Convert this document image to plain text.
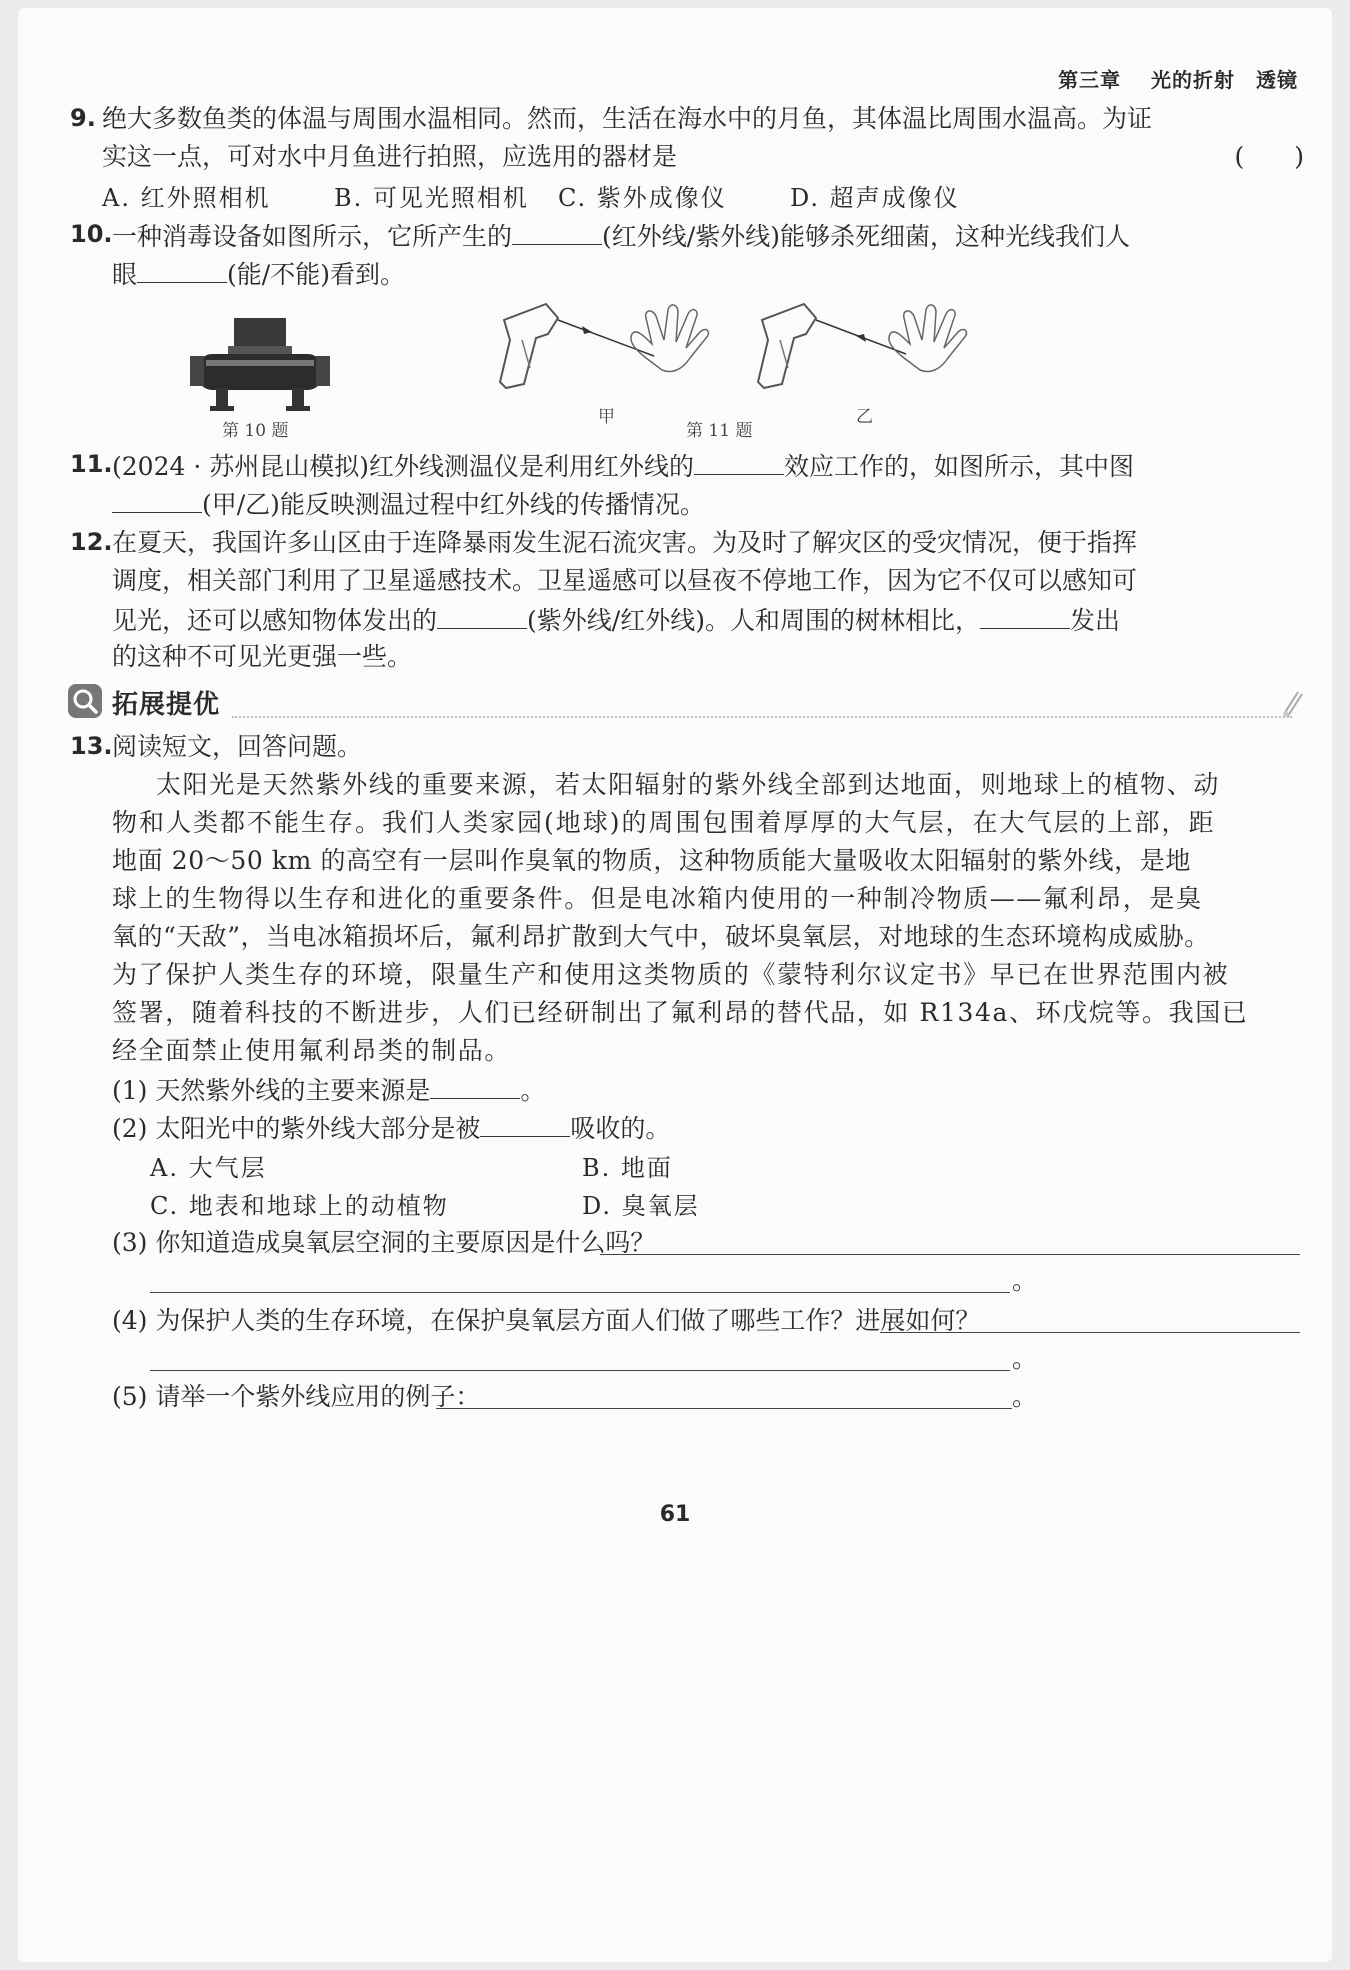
第三章 光的折射　透镜
9. 绝大多数鱼类的体温与周围水温相同。然而，生活在海水中的月鱼，其体温比周围水温高。为证
实这一点，可对水中月鱼进行拍照，应选用的器材是	(　　)
A. 红外照相机	B. 可见光照相机 C. 紫外成像仪	D. 超声成像仪
10. 一种消毒设备如图所示，它所产生的	(红外线/紫外线)能够杀死细菌，这种光线我们人
眼	(能/不能)看到。
第 10 题
甲	乙
第 11 题
11. (2024 · 苏州昆山模拟)红外线测温仪是利用红外线的	效应工作的，如图所示，其中图
(甲/乙)能反映测温过程中红外线的传播情况。
12. 在夏天，我国许多山区由于连降暴雨发生泥石流灾害。为及时了解灾区的受灾情况，便于指挥
调度，相关部门利用了卫星遥感技术。卫星遥感可以昼夜不停地工作，因为它不仅可以感知可
见光，还可以感知物体发出的	(紫外线/红外线)。人和周围的树林相比，	发出
的这种不可见光更强一些。
拓展提优
13. 阅读短文，回答问题。
太阳光是天然紫外线的重要来源，若太阳辐射的紫外线全部到达地面，则地球上的植物、动
物和人类都不能生存。我们人类家园(地球)的周围包围着厚厚的大气层，在大气层的上部，距
地面 20～50 km 的高空有一层叫作臭氧的物质，这种物质能大量吸收太阳辐射的紫外线，是地
球上的生物得以生存和进化的重要条件。但是电冰箱内使用的一种制冷物质——氟利昂，是臭
氧的“天敌”，当电冰箱损坏后，氟利昂扩散到大气中，破坏臭氧层，对地球的生态环境构成威胁。
为了保护人类生存的环境，限量生产和使用这类物质的《蒙特利尔议定书》早已在世界范围内被
签署，随着科技的不断进步，人们已经研制出了氟利昂的替代品，如 R134a、环戊烷等。我国已
经全面禁止使用氟利昂类的制品。
(1) 天然紫外线的主要来源是	。
(2) 太阳光中的紫外线大部分是被	吸收的。
A. 大气层	B. 地面
C. 地表和地球上的动植物	D. 臭氧层
(3) 你知道造成臭氧层空洞的主要原因是什么吗？
。
(4) 为保护人类的生存环境，在保护臭氧层方面人们做了哪些工作？进展如何？
。
(5) 请举一个紫外线应用的例子：	。
61
